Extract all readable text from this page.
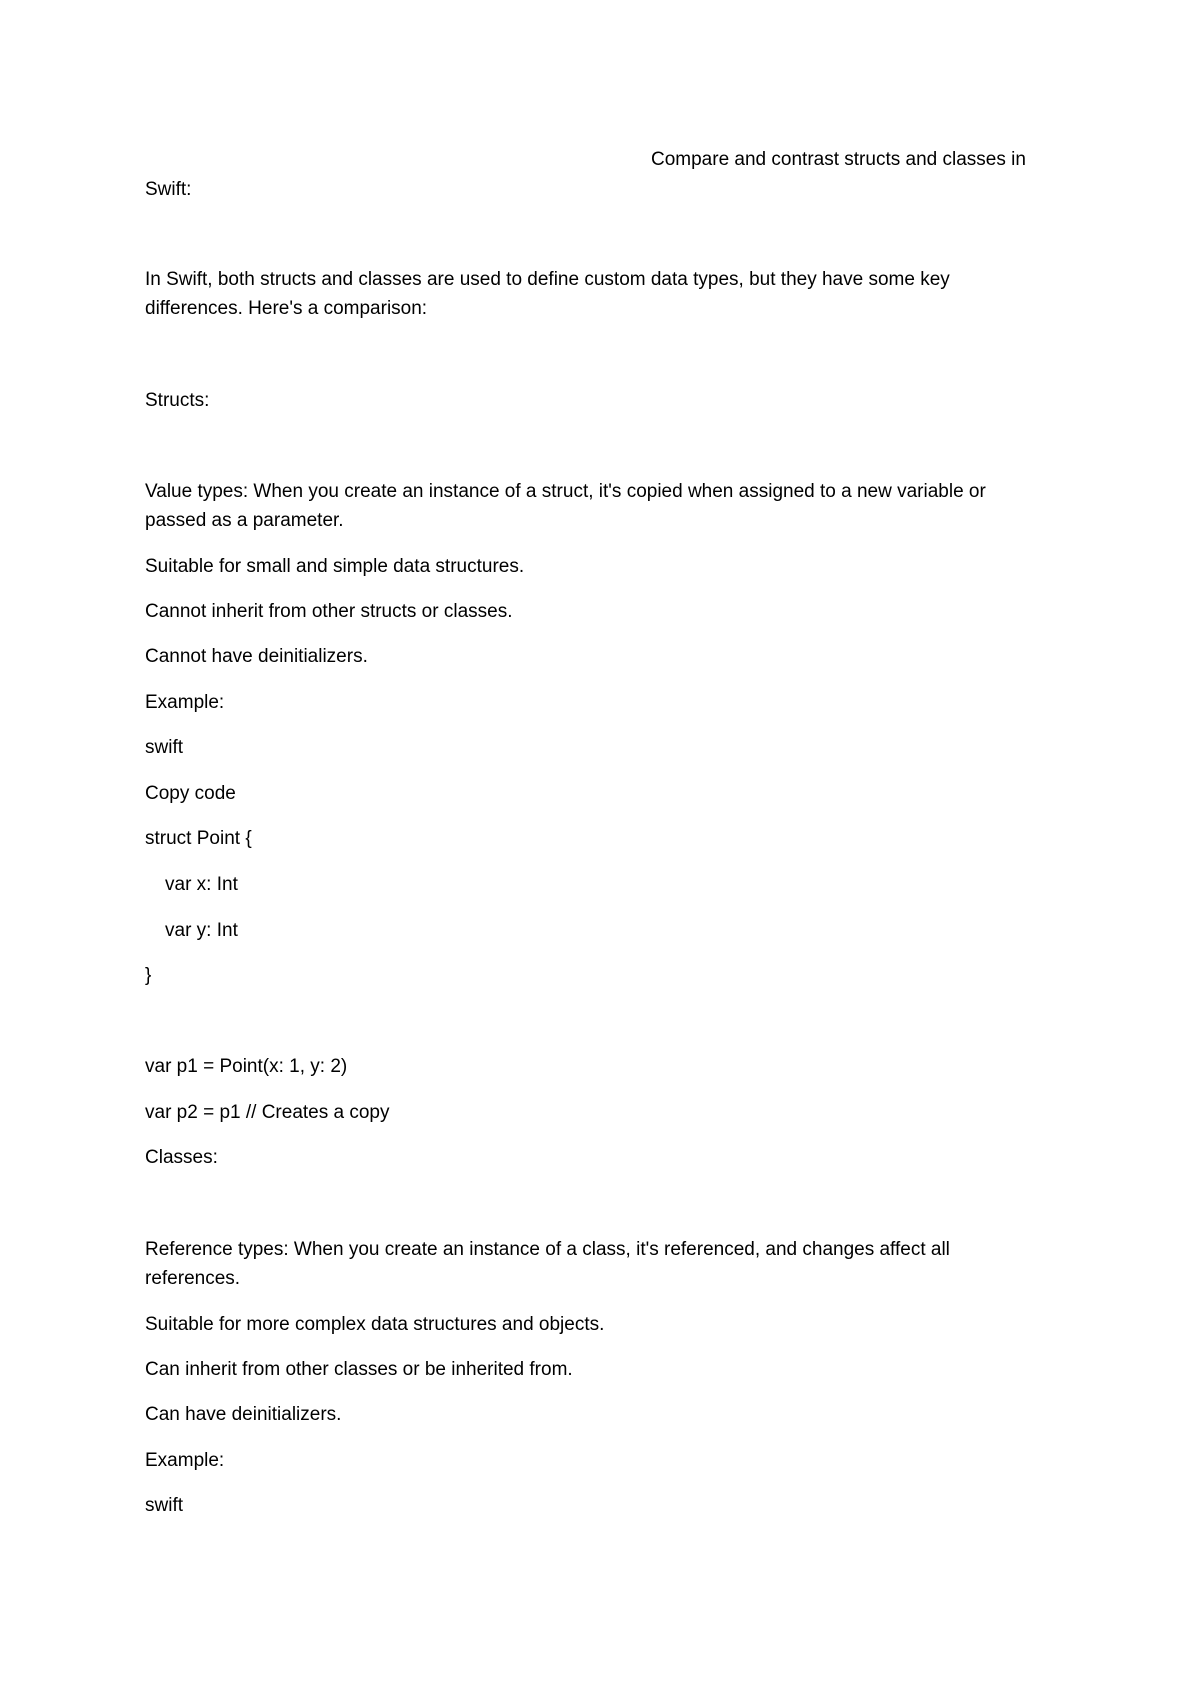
Compare and contrast structs and classes in

Swift:

In Swift, both structs and classes are used to define custom data types, but they have some key

differences. Here's a comparison:

Structs:

Value types: When you create an instance of a struct, it's copied when assigned to a new variable or

passed as a parameter.

Suitable for small and simple data structures.

Cannot inherit from other structs or classes.

Cannot have deinitializers.

Example:

swift

Copy code

struct Point {

var x: Int

var y: Int

}

var p1 = Point(x: 1, y: 2)

var p2 = p1 // Creates a copy

Classes:

Reference types: When you create an instance of a class, it's referenced, and changes affect all

references.

Suitable for more complex data structures and objects.

Can inherit from other classes or be inherited from.

Can have deinitializers.

Example:

swift
